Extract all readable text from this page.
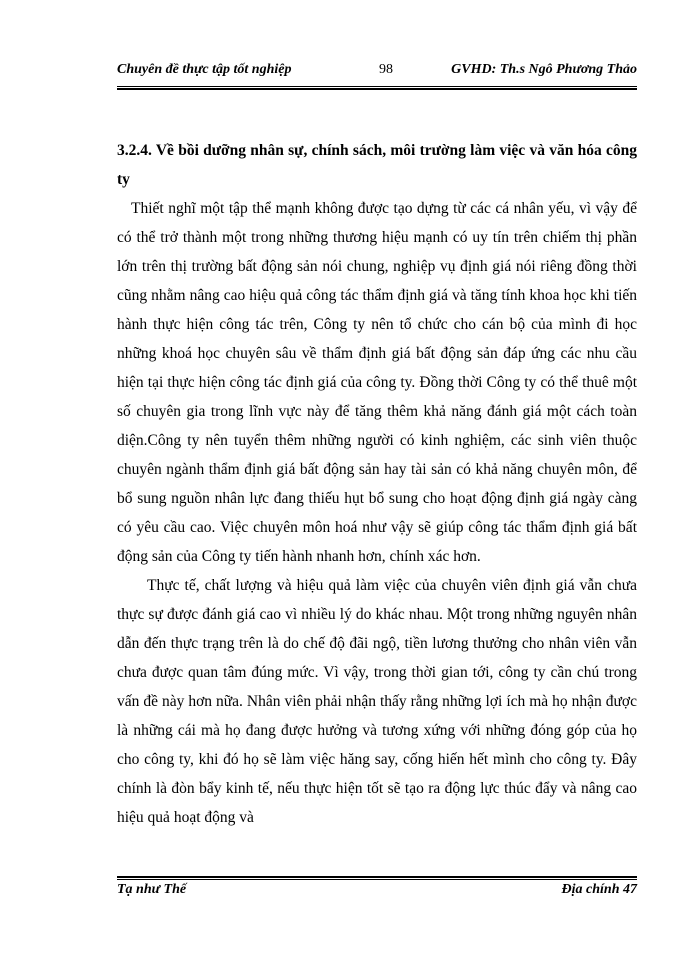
Chuyên đề thực tập tốt nghiệp	98	GVHD: Th.s Ngô Phương Thảo

3.2.4. Về bồi dưỡng nhân sự, chính sách, môi trường làm việc và văn hóa công ty

Thiết nghĩ một tập thể mạnh không được tạo dựng từ các cá nhân yếu, vì vậy để có thể trở thành một trong những thương hiệu mạnh có uy tín trên chiếm thị phần lớn trên thị trường bất động sản nói chung, nghiệp vụ định giá nói riêng đồng thời cũng nhằm nâng cao hiệu quả công tác thẩm định giá và tăng tính khoa học khi tiến hành thực hiện công tác trên, Công ty nên tổ chức cho cán bộ của mình đi học những khoá học chuyên sâu về thẩm định giá bất động sản đáp ứng các nhu cầu hiện tại thực hiện công tác định giá của công ty. Đồng thời Công ty có thể thuê một số chuyên gia trong lĩnh vực này để tăng thêm khả năng đánh giá một cách toàn diện.Công ty nên tuyển thêm những người có kinh nghiệm, các sinh viên thuộc chuyên ngành thẩm định giá bất động sản hay tài sản có khả năng chuyên môn, để bổ sung nguồn nhân lực đang thiếu hụt bổ sung cho hoạt động định giá ngày càng có yêu cầu cao. Việc chuyên môn hoá như vậy sẽ giúp công tác thẩm định giá bất động sản của Công ty tiến hành nhanh hơn, chính xác hơn.

Thực tế, chất lượng và hiệu quả làm việc của chuyên viên định giá vẫn chưa thực sự được đánh giá cao vì nhiều lý do khác nhau. Một trong những nguyên nhân dẫn đến thực trạng trên là do chế độ đãi ngộ, tiền lương thưởng cho nhân viên vẫn chưa được quan tâm đúng mức. Vì vậy, trong thời gian tới, công ty cần chú trong vấn đề này hơn nữa. Nhân viên phải nhận thấy rằng những lợi ích mà họ nhận được là những cái mà họ đang được hưởng và tương xứng với những đóng góp của họ cho công ty, khi đó họ sẽ làm việc hăng say, cống hiến hết mình cho công ty. Đây chính là đòn bẩy kinh tế, nếu thực hiện tốt sẽ tạo ra động lực thúc đẩy và nâng cao hiệu quả hoạt động và

Tạ như Thế	Địa chính 47
